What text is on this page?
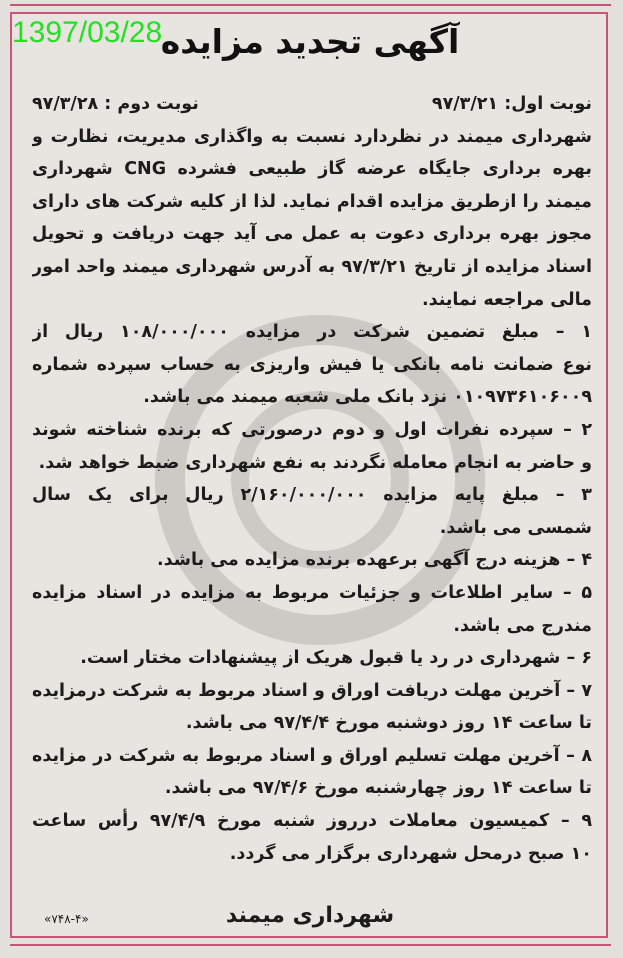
1397/03/28
آگهی تجدید مزایده
نوبت اول: ۹۷/۳/۲۱
نوبت دوم : ۹۷/۳/۲۸
شهرداری میمند در نظردارد نسبت به واگذاری مدیریت، نظارت و
بهره برداری جایگاه عرضه گاز طبیعی فشرده CNG شهرداری
میمند را ازطریق مزایده اقدام نماید. لذا از کلیه شرکت های دارای
مجوز بهره برداری دعوت به عمل می آید جهت دریافت و تحویل
اسناد مزایده از تاریخ ۹۷/۳/۲۱ به آدرس شهرداری میمند واحد امور
مالی مراجعه نمایند.
۱ – مبلغ تضمین شرکت در مزایده ۱۰۸/۰۰۰/۰۰۰ ریال از
نوع ضمانت نامه بانکی یا فیش واریزی به حساب سپرده شماره
۰۱۰۹۷۳۶۱۰۶۰۰۹ نزد بانک ملی شعبه میمند می باشد.
۲ – سپرده نفرات اول و دوم درصورتی که برنده شناخته شوند
و حاضر به انجام معامله نگردند به نفع شهرداری ضبط خواهد شد.
۳ – مبلغ پایه مزایده ۲/۱۶۰/۰۰۰/۰۰۰ ریال برای یک سال
شمسی می باشد.
۴ – هزینه درج آگهی برعهده برنده مزایده می باشد.
۵ – سایر اطلاعات و جزئیات مربوط به مزایده در اسناد مزایده
مندرج می باشد.
۶ – شهرداری در رد یا قبول هریک از پیشنهادات مختار است.
۷ – آخرین مهلت دریافت اوراق و اسناد مربوط به شرکت درمزایده
تا ساعت ۱۴ روز دوشنبه مورخ ۹۷/۴/۴ می باشد.
۸ – آخرین مهلت تسلیم اوراق و اسناد مربوط به شرکت در مزایده
تا ساعت ۱۴ روز چهارشنبه مورخ ۹۷/۴/۶ می باشد.
۹ – کمیسیون معاملات درروز شنبه مورخ ۹۷/۴/۹ رأس ساعت
۱۰ صبح درمحل شهرداری برگزار می گردد.
شهرداری میمند
«۷۴۸-۴»
